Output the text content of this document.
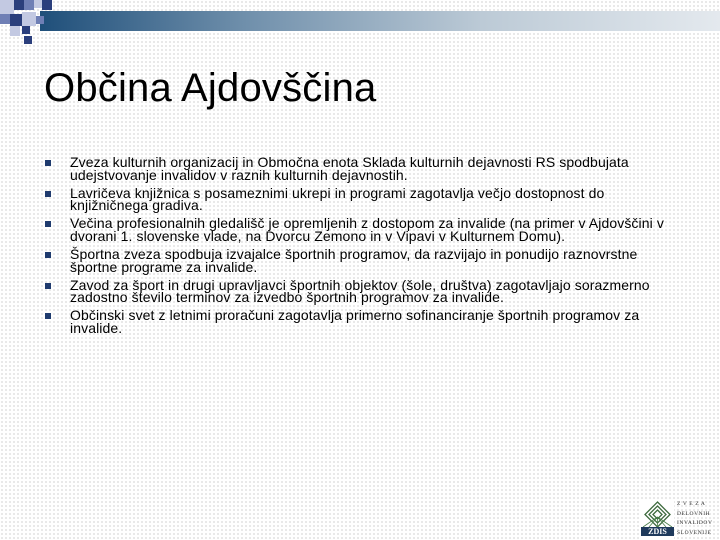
Občina Ajdovščina
Zveza kulturnih organizacij in Območna enota Sklada kulturnih dejavnosti RS spodbujata udejstvovanje invalidov v raznih kulturnih dejavnostih.
Lavričeva knjižnica s posameznimi ukrepi in programi zagotavlja večjo dostopnost do knjižničnega gradiva.
Večina profesionalnih gledališč je opremljenih z dostopom za invalide (na primer v Ajdovščini v dvorani 1. slovenske vlade, na Dvorcu Zemono in v Vipavi v Kulturnem Domu).
Športna zveza spodbuja izvajalce športnih programov, da razvijajo in ponudijo raznovrstne športne programe za invalide.
Zavod za šport in drugi upravljavci športnih objektov (šole, društva) zagotavljajo sorazmerno zadostno število terminov za izvedbo športnih programov za invalide.
Občinski svet z letnimi proračuni zagotavlja primerno sofinanciranje športnih programov za invalide.
ZDIS
Z V E Z A
DELOVNIH
INVALIDOV
SLOVENIJE
